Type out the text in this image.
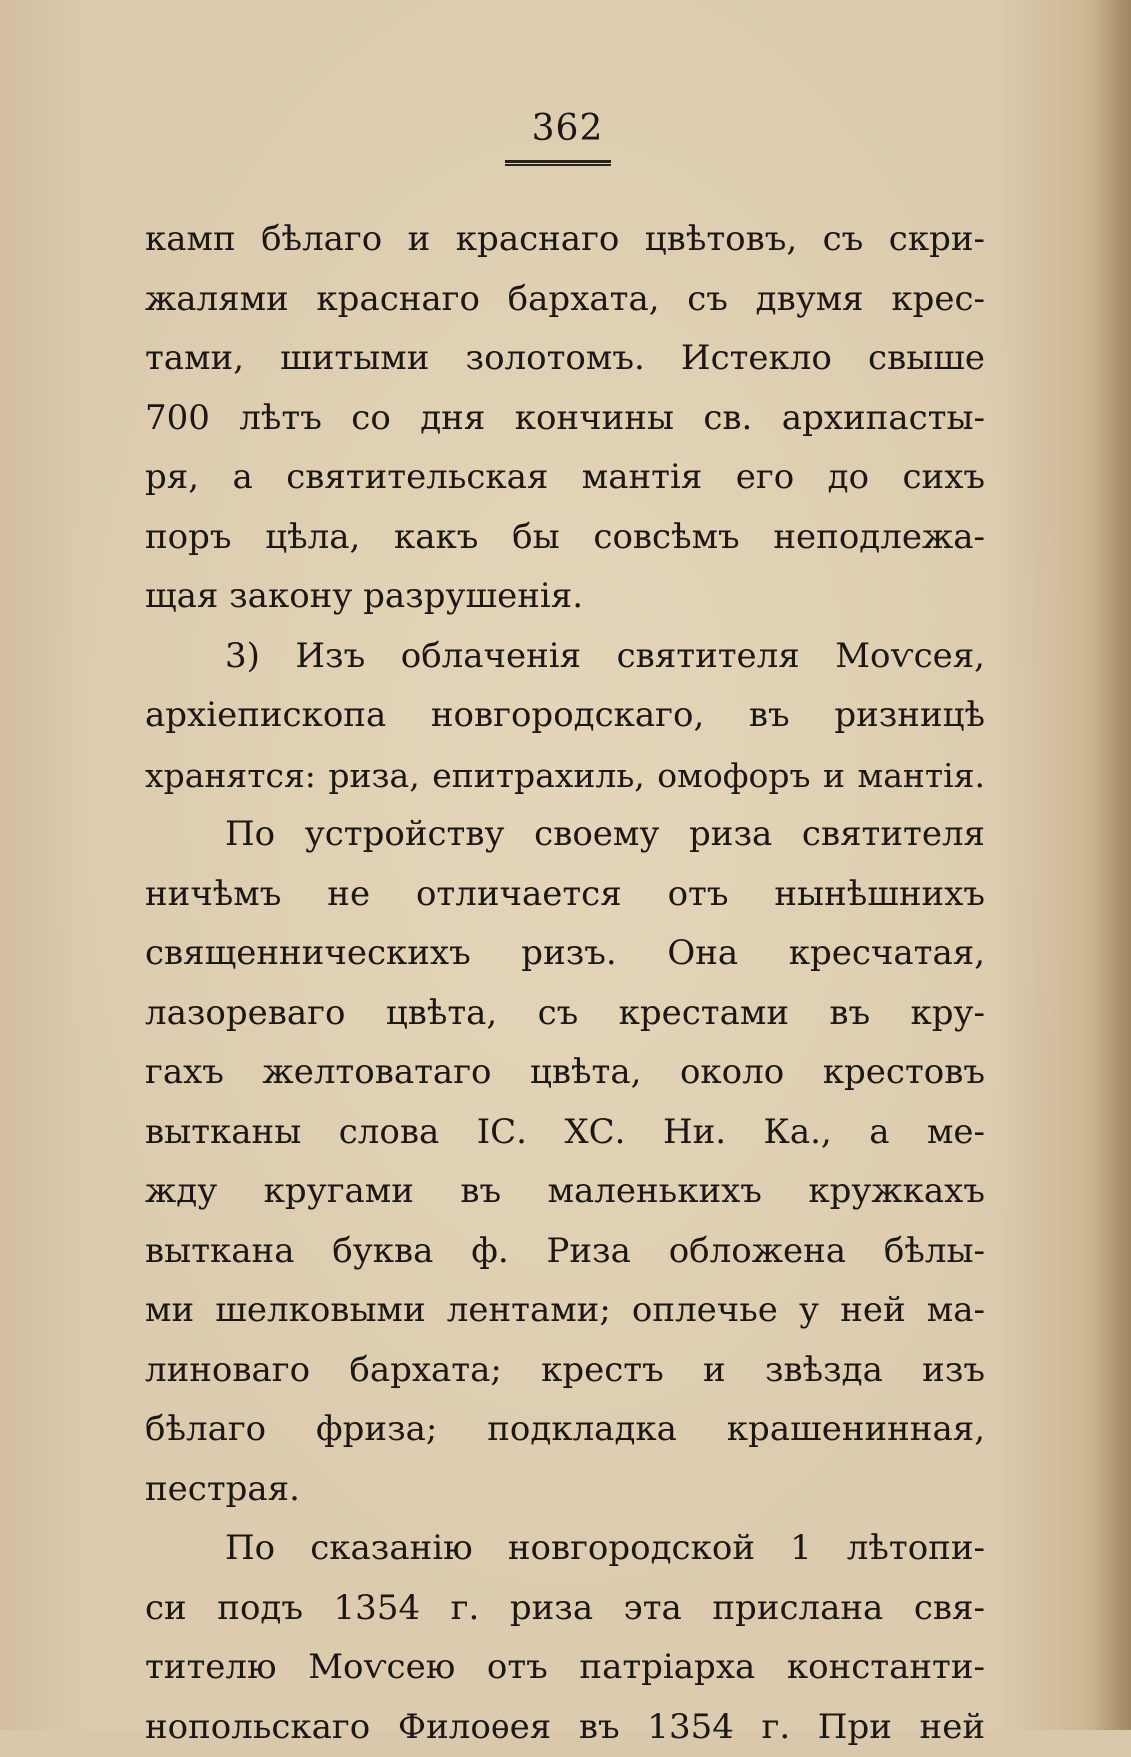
362
камп бѣлаго и краснаго цвѣтовъ, съ скри-
жалями краснаго бархата, съ двумя крес-
тами, шитыми золотомъ. Истекло свыше
700 лѣтъ со дня кончины св. архипасты-
ря, а святительская мантія его до сихъ
поръ цѣла, какъ бы совсѣмъ неподлежа-
щая закону разрушенія.
3) Изъ облаченія святителя Моѵсея,
архіепископа новгородскаго, въ ризницѣ
хранятся: риза, епитрахиль, омофоръ и мантія.
По устройству своему риза святителя
ничѣмъ не отличается отъ нынѣшнихъ
священническихъ ризъ. Она кресчатая,
лазореваго цвѣта, съ крестами въ кру-
гахъ желтоватаго цвѣта, около крестовъ
вытканы слова ІС. ХС. Ни. Ка., а ме-
жду кругами въ маленькихъ кружкахъ
выткана буква ф. Риза обложена бѣлы-
ми шелковыми лентами; оплечье у ней ма-
линоваго бархата; крестъ и звѣзда изъ
бѣлаго фриза; подкладка крашенинная,
пестрая.
По сказанію новгородской 1 лѣтопи-
си подъ 1354 г. риза эта прислана свя-
тителю Моѵсею отъ патріарха константи-
нопольскаго Филоѳея въ 1354 г. При ней
